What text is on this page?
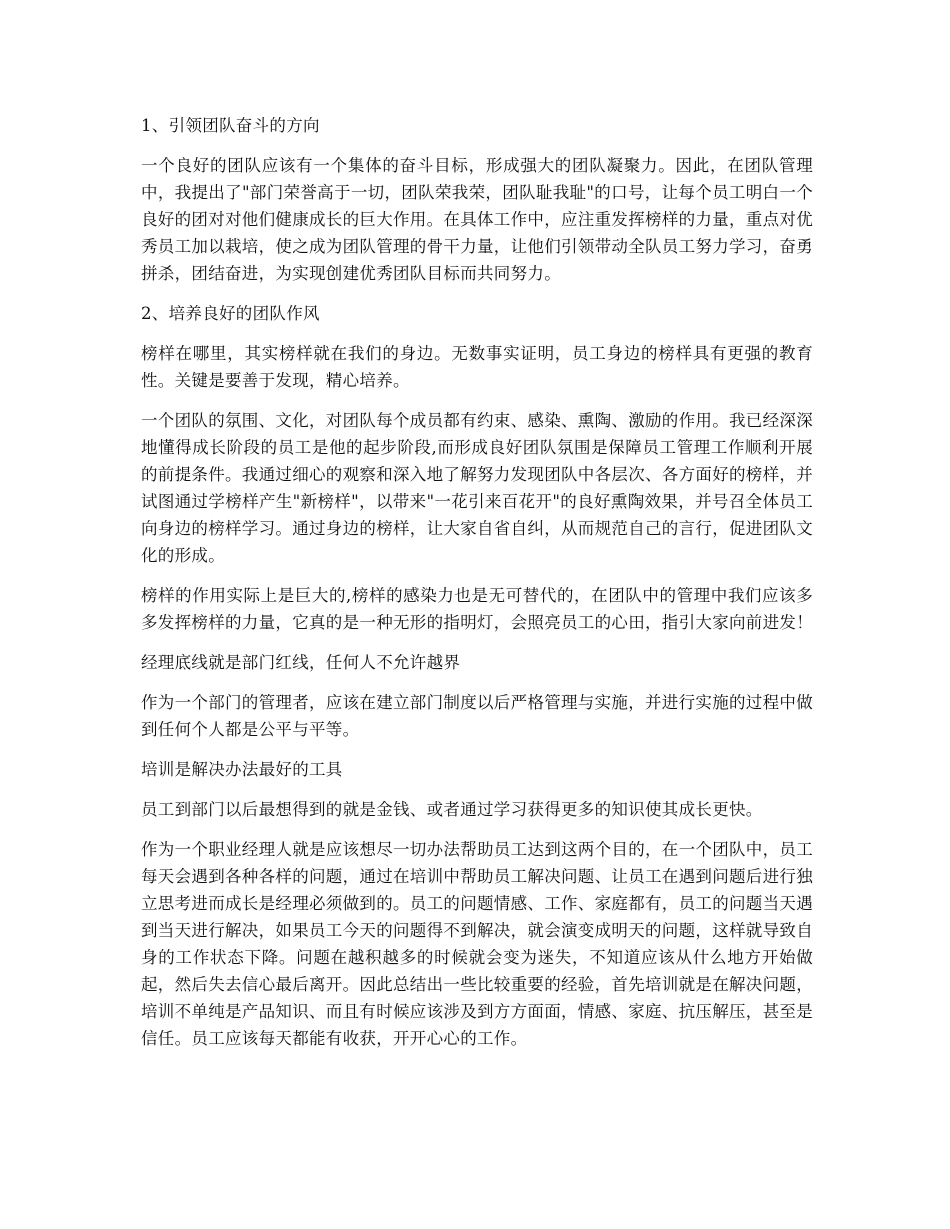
1、引领团队奋斗的方向

一个良好的团队应该有一个集体的奋斗目标，形成强大的团队凝聚力。因此，在团队管理中，我提出了"部门荣誉高于一切，团队荣我荣，团队耻我耻"的口号，让每个员工明白一个良好的团对对他们健康成长的巨大作用。在具体工作中，应注重发挥榜样的力量，重点对优秀员工加以栽培，使之成为团队管理的骨干力量，让他们引领带动全队员工努力学习，奋勇拼杀，团结奋进，为实现创建优秀团队目标而共同努力。

2、培养良好的团队作风

榜样在哪里，其实榜样就在我们的身边。无数事实证明，员工身边的榜样具有更强的教育性。关键是要善于发现，精心培养。

一个团队的氛围、文化，对团队每个成员都有约束、感染、熏陶、激励的作用。我已经深深地懂得成长阶段的员工是他的起步阶段,而形成良好团队氛围是保障员工管理工作顺利开展的前提条件。我通过细心的观察和深入地了解努力发现团队中各层次、各方面好的榜样，并试图通过学榜样产生"新榜样"，以带来"一花引来百花开"的良好熏陶效果，并号召全体员工向身边的榜样学习。通过身边的榜样，让大家自省自纠，从而规范自己的言行，促进团队文化的形成。

榜样的作用实际上是巨大的,榜样的感染力也是无可替代的，在团队中的管理中我们应该多多发挥榜样的力量，它真的是一种无形的指明灯，会照亮员工的心田，指引大家向前进发！

经理底线就是部门红线，任何人不允许越界

作为一个部门的管理者，应该在建立部门制度以后严格管理与实施，并进行实施的过程中做到任何个人都是公平与平等。

培训是解决办法最好的工具

员工到部门以后最想得到的就是金钱、或者通过学习获得更多的知识使其成长更快。

作为一个职业经理人就是应该想尽一切办法帮助员工达到这两个目的，在一个团队中，员工每天会遇到各种各样的问题，通过在培训中帮助员工解决问题、让员工在遇到问题后进行独立思考进而成长是经理必须做到的。员工的问题情感、工作、家庭都有，员工的问题当天遇到当天进行解决，如果员工今天的问题得不到解决，就会演变成明天的问题，这样就导致自身的工作状态下降。问题在越积越多的时候就会变为迷失，不知道应该从什么地方开始做起，然后失去信心最后离开。因此总结出一些比较重要的经验，首先培训就是在解决问题，培训不单纯是产品知识、而且有时候应该涉及到方方面面，情感、家庭、抗压解压，甚至是信任。员工应该每天都能有收获，开开心心的工作。
